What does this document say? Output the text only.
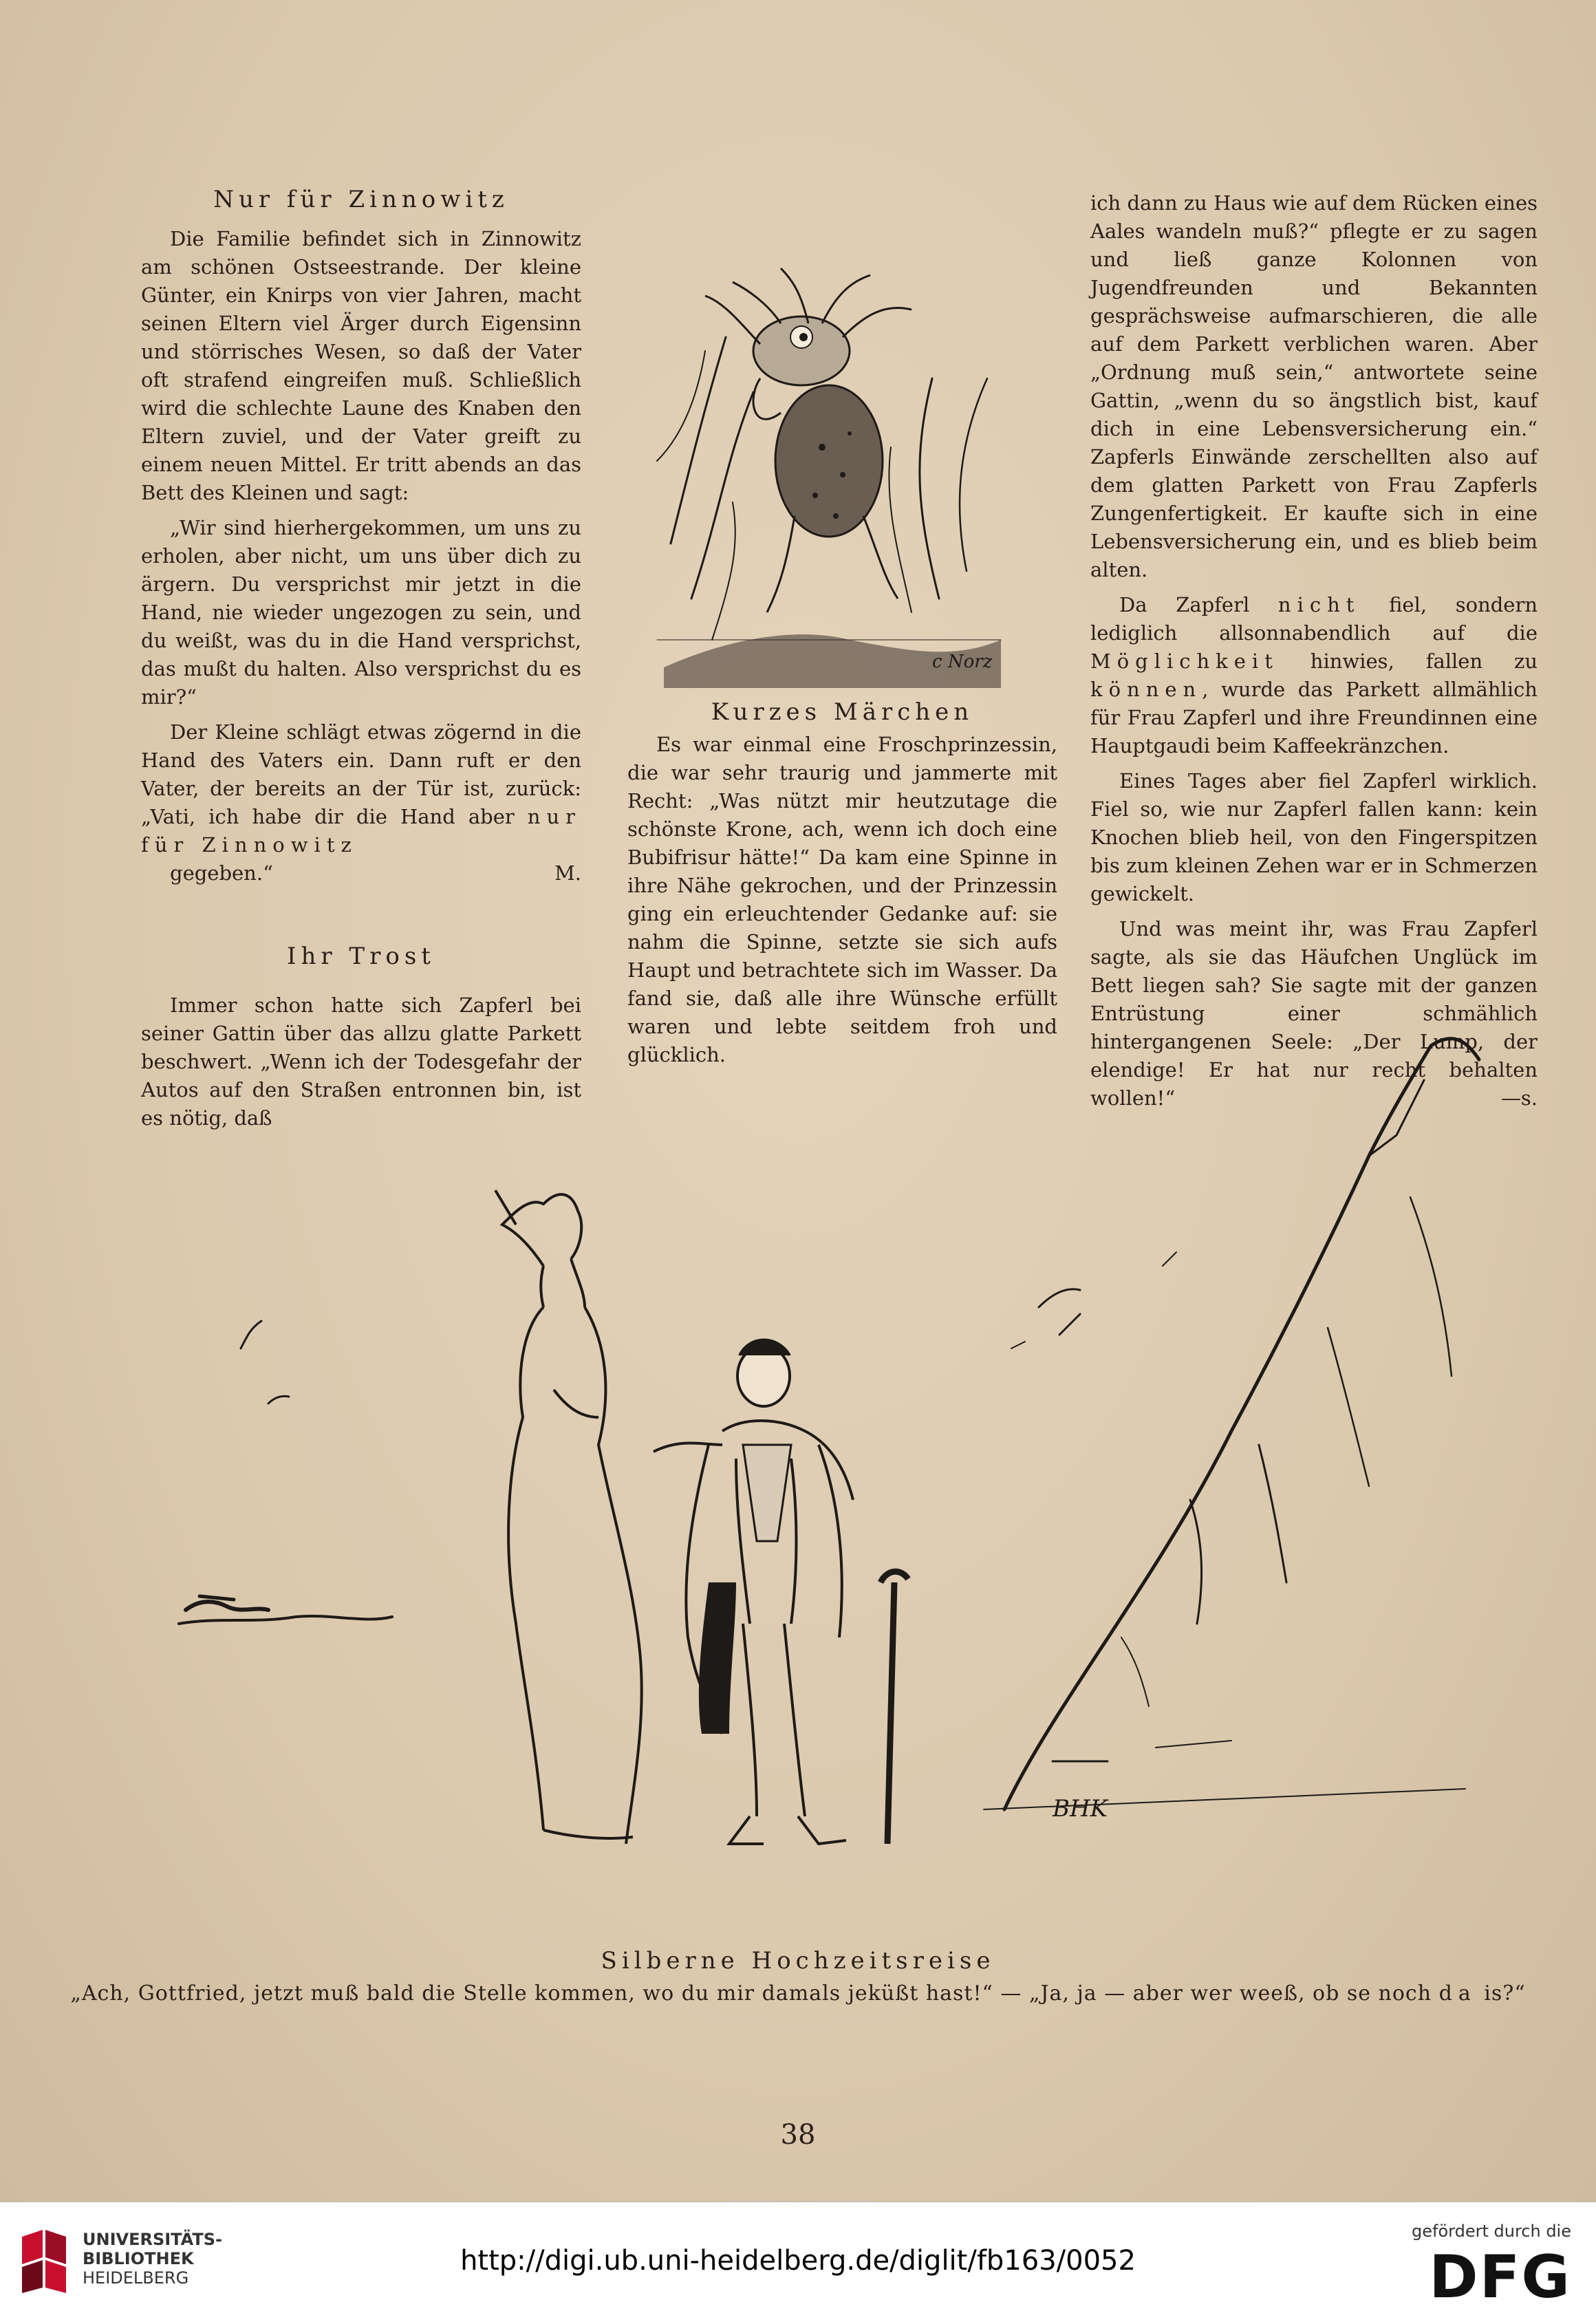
Nur für Zinnowitz

Die Familie befindet sich in Zinnowitz am schönen Ostseestrande. Der kleine Günter, ein Knirps von vier Jahren, macht seinen Eltern viel Ärger durch Eigensinn und störrisches Wesen, so daß der Vater oft strafend eingreifen muß. Schließlich wird die schlechte Laune des Knaben den Eltern zuviel, und der Vater greift zu einem neuen Mittel. Er tritt abends an das Bett des Kleinen und sagt:

„Wir sind hierhergekommen, um uns zu erholen, aber nicht, um uns über dich zu ärgern. Du versprichst mir jetzt in die Hand, nie wieder ungezogen zu sein, und du weißt, was du in die Hand versprichst, das mußt du halten. Also versprichst du es mir?“

Der Kleine schlägt etwas zögernd in die Hand des Vaters ein. Dann ruft er den Vater, der bereits an der Tür ist, zurück: „Vati, ich habe dir die Hand aber nur für Zinnowitz
gegeben.“	M.

Ihr Trost

Immer schon hatte sich Zapferl bei seiner Gattin über das allzu glatte Parkett beschwert. „Wenn ich der Todesgefahr der Autos auf den Straßen entronnen bin, ist es nötig, daß

c Norz
Kurzes Märchen

Es war einmal eine Froschprinzessin, die war sehr traurig und jammerte mit Recht: „Was nützt mir heutzutage die schönste Krone, ach, wenn ich doch eine Bubifrisur hätte!“ Da kam eine Spinne in ihre Nähe gekrochen, und der Prinzessin ging ein erleuchtender Gedanke auf: sie nahm die Spinne, setzte sie sich aufs Haupt und betrachtete sich im Wasser. Da fand sie, daß alle ihre Wünsche erfüllt waren und lebte seitdem froh und glücklich.

ich dann zu Haus wie auf dem Rücken eines Aales wandeln muß?“ pflegte er zu sagen und ließ ganze Kolonnen von Jugendfreunden und Bekannten gesprächsweise aufmarschieren, die alle auf dem Parkett verblichen waren. Aber „Ordnung muß sein,“ antwortete seine Gattin, „wenn du so ängstlich bist, kauf dich in eine Lebensversicherung ein.“ Zapferls Einwände zerschellten also auf dem glatten Parkett von Frau Zapferls Zungenfertigkeit. Er kaufte sich in eine Lebensversicherung ein, und es blieb beim alten.

Da Zapferl nicht fiel, sondern lediglich allsonnabendlich auf die Möglichkeit hinwies, fallen zu können, wurde das Parkett allmählich für Frau Zapferl und ihre Freundinnen eine Hauptgaudi beim Kaffeekränzchen.

Eines Tages aber fiel Zapferl wirklich. Fiel so, wie nur Zapferl fallen kann: kein Knochen blieb heil, von den Fingerspitzen bis zum kleinen Zehen war er in Schmerzen gewickelt.

Und was meint ihr, was Frau Zapferl sagte, als sie das Häufchen Unglück im Bett liegen sah? Sie sagte mit der ganzen Entrüstung einer schmählich hintergangenen Seele: „Der Lump, der elendige! Er hat nur recht behalten wollen!“	—s.

BHK
Silberne Hochzeitsreise
„Ach, Gottfried, jetzt muß bald die Stelle kommen, wo du mir damals jeküßt hast!“ — „Ja, ja — aber wer weeß, ob se noch da is?“
38
UNIVERSITÄTS-
BIBLIOTHEK
HEIDELBERG
http://digi.ub.uni-heidelberg.de/diglit/fb163/0052
gefördert durch die
DFG
